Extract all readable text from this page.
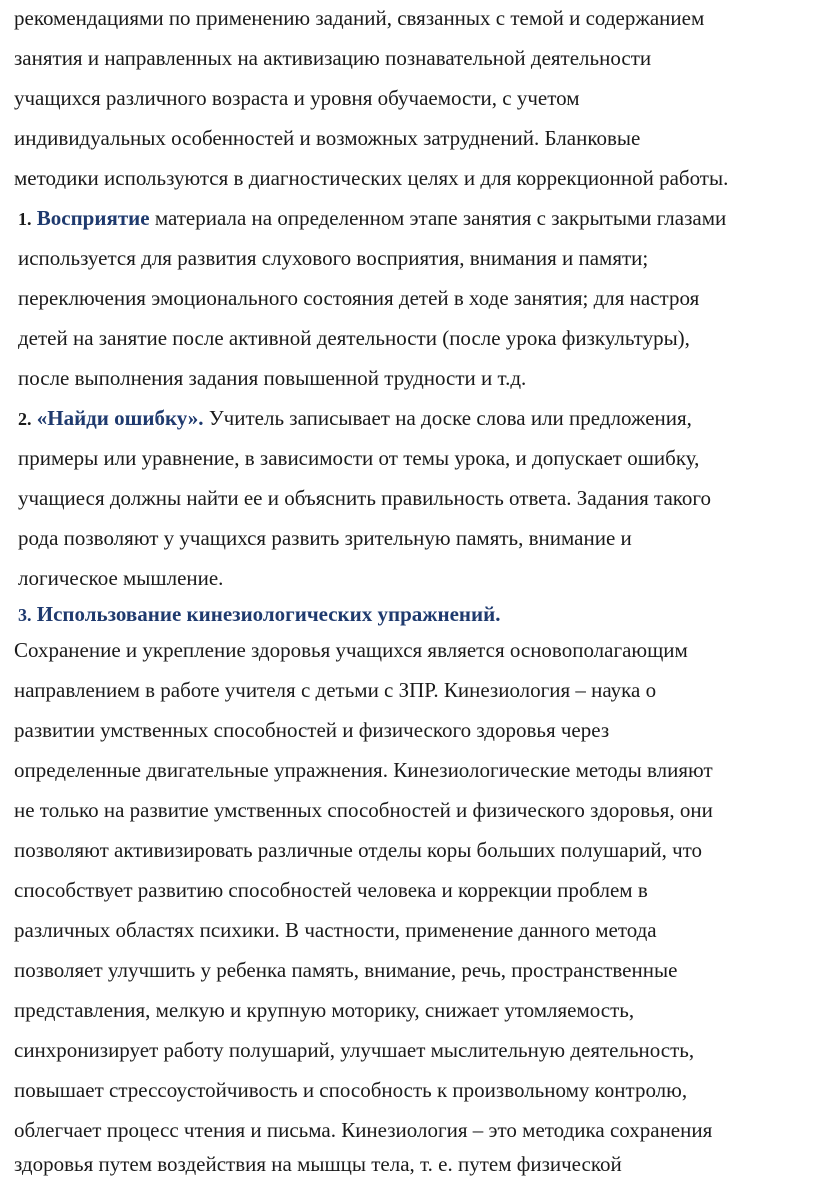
рекомендациями по применению заданий, связанных с темой и содержанием
занятия и направленных на активизацию познавательной деятельности
учащихся различного возраста и уровня обучаемости, с учетом
индивидуальных особенностей и возможных затруднений. Бланковые
методики используются в диагностических целях и для коррекционной работы.
1. Восприятие материала на определенном этапе занятия с закрытыми глазами
используется для развития слухового восприятия, внимания и памяти;
переключения эмоционального состояния детей в ходе занятия; для настроя
детей на занятие после активной деятельности (после урока физкультуры),
после выполнения задания повышенной трудности и т.д.
2. «Найди ошибку». Учитель записывает на доске слова или предложения,
примеры или уравнение, в зависимости от темы урока, и допускает ошибку,
учащиеся должны найти ее и объяснить правильность ответа. Задания такого
рода позволяют у учащихся развить зрительную память, внимание и
логическое мышление.
3. Использование кинезиологических упражнений.
Сохранение и укрепление здоровья учащихся является основополагающим
направлением в работе учителя с детьми с ЗПР. Кинезиология – наука о
развитии умственных способностей и физического здоровья через
определенные двигательные упражнения. Кинезиологические методы влияют
не только на развитие умственных способностей и физического здоровья, они
позволяют активизировать различные отделы коры больших полушарий, что
способствует развитию способностей человека и коррекции проблем в
различных областях психики. В частности, применение данного метода
позволяет улучшить у ребенка память, внимание, речь, пространственные
представления, мелкую и крупную моторику, снижает утомляемость,
синхронизирует работу полушарий, улучшает мыслительную деятельность,
повышает стрессоустойчивость и способность к произвольному контролю,
облегчает процесс чтения и письма. Кинезиология – это методика сохранения
здоровья путем воздействия на мышцы тела, т. е. путем физической
